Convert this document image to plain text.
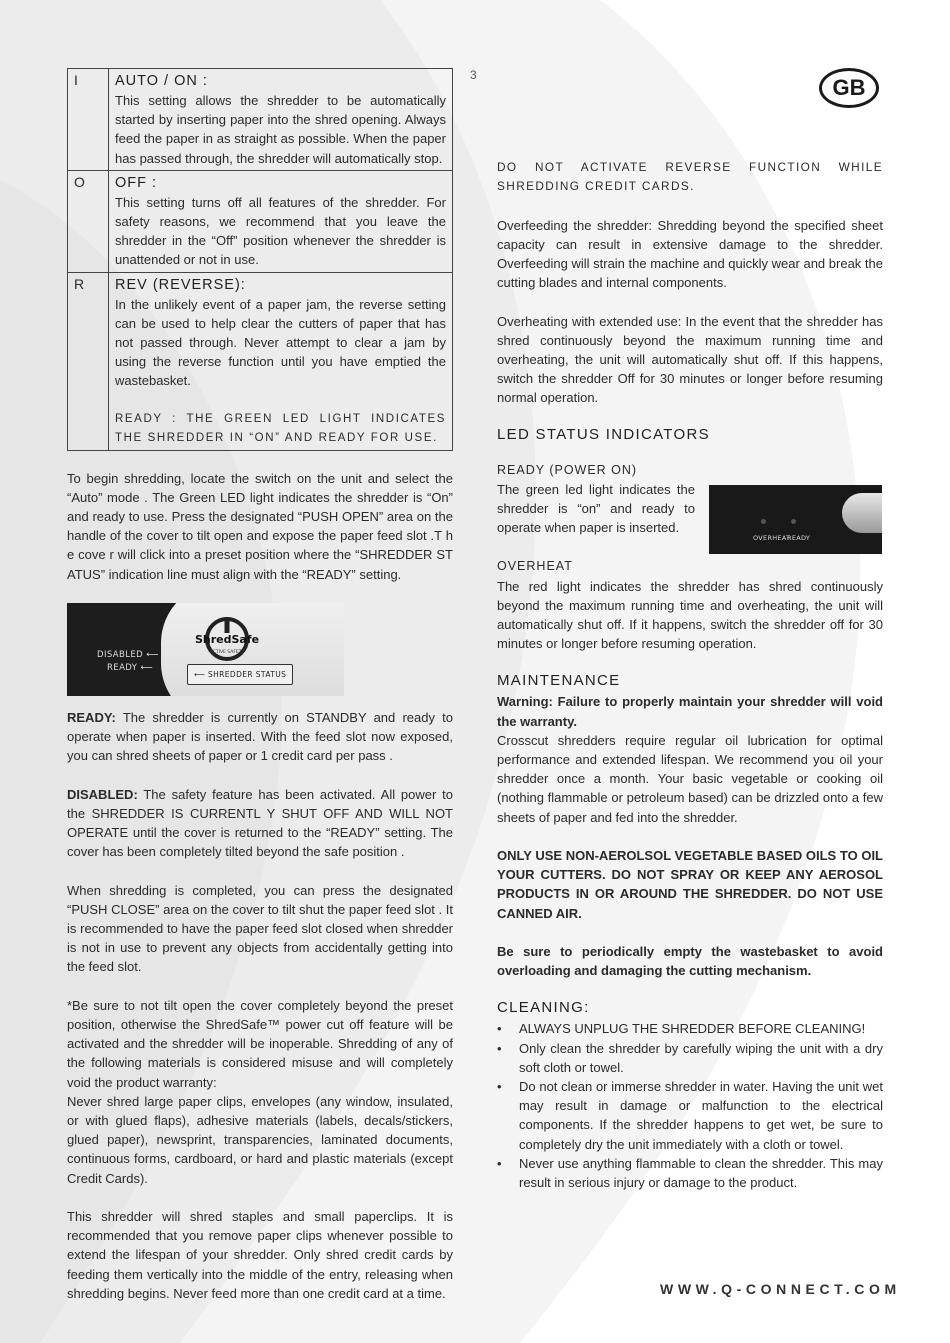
3
GB
I	AUTO / ON :
This setting allows the shredder to be automatically started by inserting paper into the shred opening. Always feed the paper in as straight as possible. When the paper has passed through, the shredder will automatically stop.

O	OFF :
This setting turns off all features of the shredder. For safety reasons, we recommend that you leave the shredder in the “Off” position whenever the shredder is unattended or not in use.

R	REV (REVERSE):
In the unlikely event of a paper jam, the reverse setting can be used to help clear the cutters of paper that has not passed through. Never attempt to clear a jam by using the reverse function until you have emptied the wastebasket.
READY : THE GREEN LED LIGHT INDICATES THE SHREDDER IN “ON” AND READY FOR USE.

To begin shredding, locate the switch on the unit and select the “Auto” mode . The Green LED light indicates the shredder is “On” and ready to use. Press the designated “PUSH OPEN” area on the handle of the cover to tilt open and expose the paper feed slot .T h e cove r will click into a preset position where the “SHREDDER ST ATUS” indication line must align with the “READY” setting.

DISABLED ⟵
READY ⟵
ShredSafe
ACTIVE SAFETY
⟵ SHREDDER STATUS

READY: The shredder is currently on STANDBY and ready to operate when paper is inserted. With the feed slot now exposed, you can shred sheets of paper or 1 credit card per pass .

DISABLED: The safety feature has been activated. All power to the SHREDDER IS CURRENTL Y SHUT OFF AND WILL NOT OPERATE until the cover is returned to the “READY” setting. The cover has been completely tilted beyond the safe position .

When shredding is completed, you can press the designated “PUSH CLOSE” area on the cover to tilt shut the paper feed slot . It is recommended to have the paper feed slot closed when shredder is not in use to prevent any objects from accidentally getting into the feed slot.

*Be sure to not tilt open the cover completely beyond the preset position, otherwise the ShredSafe™ power cut off feature will be activated and the shredder will be inoperable. Shredding of any of the following materials is considered misuse and will completely void the product warranty:

Never shred large paper clips, envelopes (any window, insulated, or with glued flaps), adhesive materials (labels, decals/stickers, glued paper), newsprint, transparencies, laminated documents, continuous forms, cardboard, or hard and plastic materials (except Credit Cards).

This shredder will shred staples and small paperclips. It is recommended that you remove paper clips whenever possible to extend the lifespan of your shredder. Only shred credit cards by feeding them vertically into the middle of the entry, releasing when shredding begins. Never feed more than one credit card at a time.

DO NOT ACTIVATE REVERSE FUNCTION WHILE SHREDDING CREDIT CARDS.

Overfeeding the shredder: Shredding beyond the specified sheet capacity can result in extensive damage to the shredder. Overfeeding will strain the machine and quickly wear and break the cutting blades and internal components.

Overheating with extended use: In the event that the shredder has shred continuously beyond the maximum running time and overheating, the unit will automatically shut off. If this happens, switch the shredder Off for 30 minutes or longer before resuming normal operation.

LED STATUS INDICATORS
READY (POWER ON)

The green led light indicates the shredder is “on” and ready to operate when paper is inserted.

OVERHEAT
READY
OVERHEAT

The red light indicates the shredder has shred continuously beyond the maximum running time and overheating, the unit will automatically shut off. If it happens, switch the shredder off for 30 minutes or longer before resuming operation.

MAINTENANCE

Warning: Failure to properly maintain your shredder will void the warranty.

Crosscut shredders require regular oil lubrication for optimal performance and extended lifespan. We recommend you oil your shredder once a month. Your basic vegetable or cooking oil (nothing flammable or petroleum based) can be drizzled onto a few sheets of paper and fed into the shredder.

ONLY USE NON-AEROLSOL VEGETABLE BASED OILS TO OIL YOUR CUTTERS. DO NOT SPRAY OR KEEP ANY AEROSOL PRODUCTS IN OR AROUND THE SHREDDER. DO NOT USE CANNED AIR.

Be sure to periodically empty the wastebasket to avoid overloading and damaging the cutting mechanism.

CLEANING:
• ALWAYS UNPLUG THE SHREDDER BEFORE CLEANING!
• Only clean the shredder by carefully wiping the unit with a dry soft cloth or towel.
• Do not clean or immerse shredder in water. Having the unit wet may result in damage or malfunction to the electrical components. If the shredder happens to get wet, be sure to completely dry the unit immediately with a cloth or towel.
• Never use anything flammable to clean the shredder. This may result in serious injury or damage to the product.
WWW.Q-CONNECT.COM
